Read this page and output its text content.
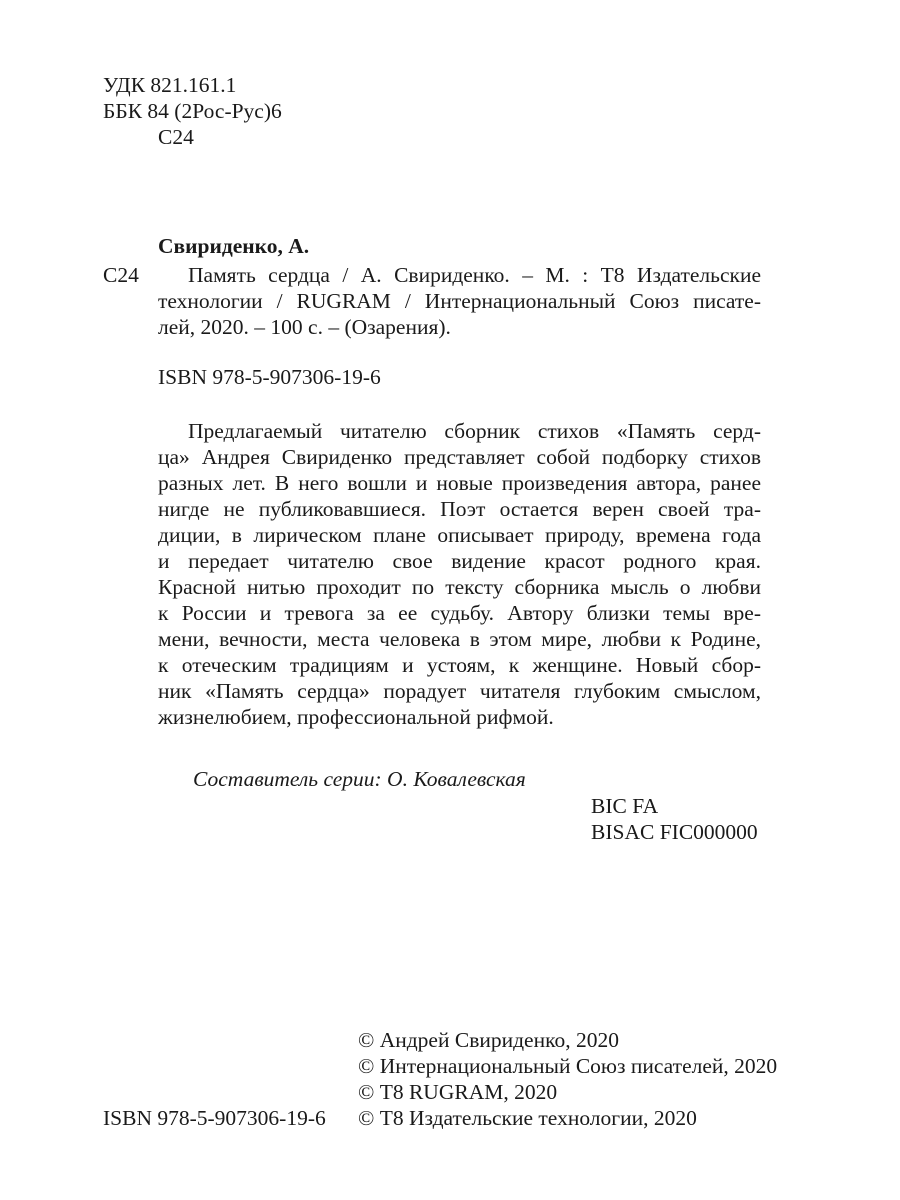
УДК 821.161.1
ББК 84 (2Рос-Рус)6
С24
Свириденко, А.
С24	Память сердца / А. Свириденко. – М. : Т8 Издательские
технологии / RUGRAM / Интернациональный Союз писате-
лей, 2020. – 100 с. – (Озарения).
ISBN 978-5-907306-19-6
Предлагаемый читателю сборник стихов «Память серд-
ца» Андрея Свириденко представляет собой подборку стихов
разных лет. В него вошли и новые произведения автора, ранее
нигде не публиковавшиеся. Поэт остается верен своей тра-
диции, в лирическом плане описывает природу, времена года
и передает читателю свое видение красот родного края.
Красной нитью проходит по тексту сборника мысль о любви
к России и тревога за ее судьбу. Автору близки темы вре-
мени, вечности, места человека в этом мире, любви к Родине,
к отеческим традициям и устоям, к женщине. Новый сбор-
ник «Память сердца» порадует читателя глубоким смыслом,
жизнелюбием, профессиональной рифмой.
Составитель серии: О. Ковалевская
BIC FA
BISAC FIC000000
ISBN 978-5-907306-19-6
© Андрей Свириденко, 2020
© Интернациональный Союз писателей, 2020
© Т8 RUGRAM, 2020
© Т8 Издательские технологии, 2020
